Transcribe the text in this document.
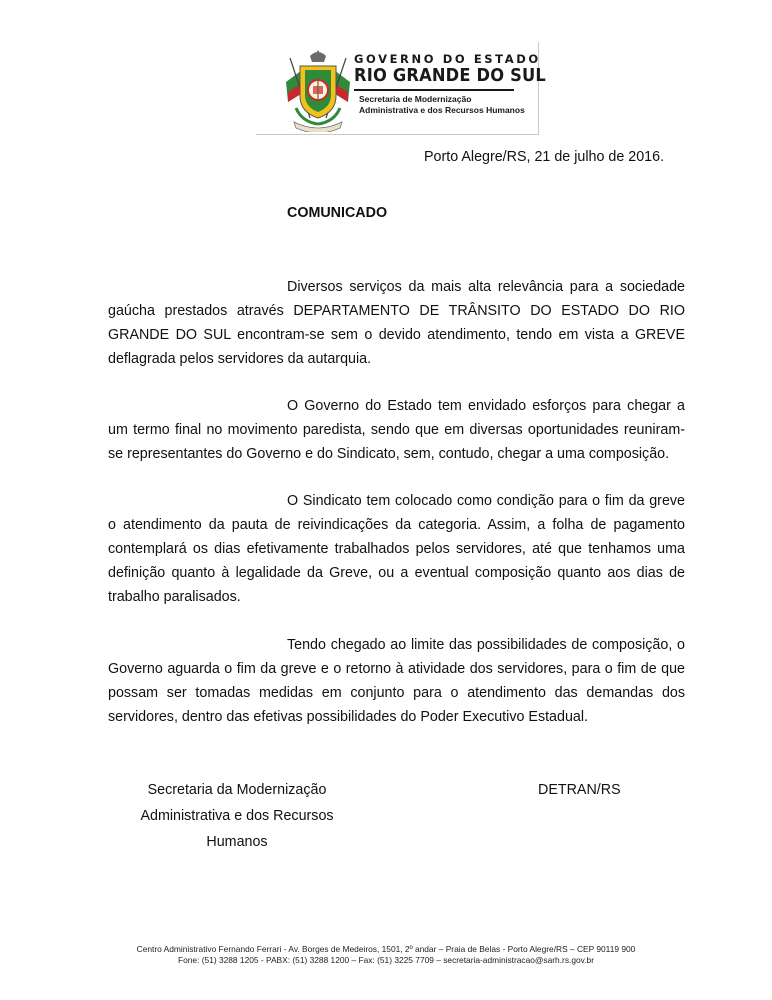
GOVERNO DO ESTADO
RIO GRANDE DO SUL
Secretaria de Modernização
Administrativa e dos Recursos Humanos
Porto Alegre/RS, 21 de julho de 2016.
COMUNICADO

Diversos serviços da mais alta relevância para a sociedade gaúcha prestados através DEPARTAMENTO DE TRÂNSITO DO ESTADO DO RIO GRANDE DO SUL encontram-se sem o devido atendimento, tendo em vista a GREVE deflagrada pelos servidores da autarquia.

O Governo do Estado tem envidado esforços para chegar a um termo final no movimento paredista, sendo que em diversas oportunidades reuniram-se representantes do Governo e do Sindicato, sem, contudo, chegar a uma composição.

O Sindicato tem colocado como condição para o fim da greve o atendimento da pauta de reivindicações da categoria. Assim, a folha de pagamento contemplará os dias efetivamente trabalhados pelos servidores, até que tenhamos uma definição quanto à legalidade da Greve, ou a eventual composição quanto aos dias de trabalho paralisados.

Tendo chegado ao limite das possibilidades de composição, o Governo aguarda o fim da greve e o retorno à atividade dos servidores, para o fim de que possam ser tomadas medidas em conjunto para o atendimento das demandas dos servidores, dentro das efetivas possibilidades do Poder Executivo Estadual.

Secretaria da Modernização
Administrativa e dos Recursos Humanos
DETRAN/RS
Centro Administrativo Fernando Ferrari - Av. Borges de Medeiros, 1501, 2º andar – Praia de Belas - Porto Alegre/RS – CEP 90119 900
Fone: (51) 3288 1205 - PABX: (51) 3288 1200 – Fax: (51) 3225 7709 – secretaria-administracao@sarh.rs.gov.br
